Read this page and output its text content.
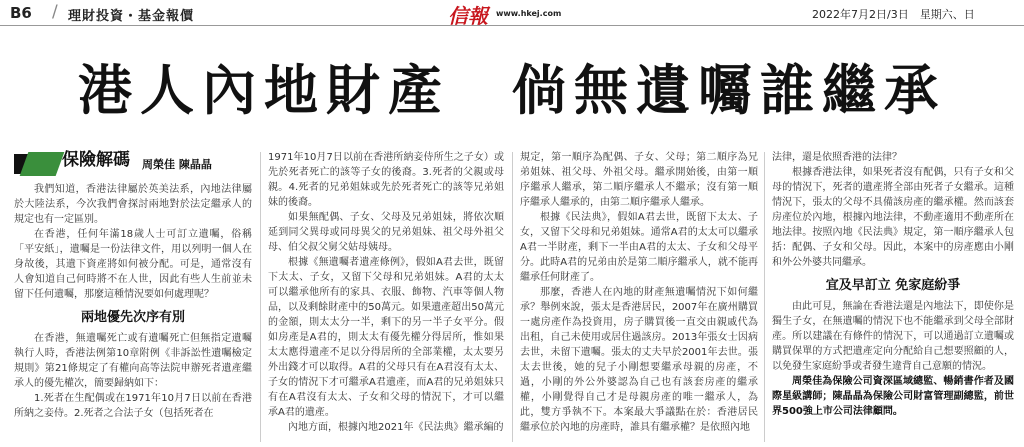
B6 / 理財投資・基金報價	信報 www.hkej.com	2022年7月2日/3日　星期六、日
港人內地財產　倘無遺囑誰繼承
保險解碼 周榮佳 陳晶晶

我們知道，香港法律屬於英美法系，內地法律屬於大陸法系，今次我們會探討兩地對於法定繼承人的規定也有一定區別。

在香港，任何年滿18歲人士可訂立遺囑，俗稱「平安紙」，遺囑是一份法律文件，用以列明一個人在身故後，其遺下資產將如何被分配。可是，通常沒有人會知道自己何時將不在人世，因此有些人生前並未留下任何遺囑，那麼這種情況要如何處理呢？

兩地優先次序有別

在香港，無遺囑死亡或有遺囑死亡但無指定遺囑執行人時，香港法例第10章附例《非訴訟性遺囑檢定規則》第21條規定了有權向高等法院申辦死者遺產繼承人的優先權次，簡要歸納如下：

1.死者在生配偶或在1971年10月7日以前在香港所納之妾侍。2.死者之合法子女（包括死者在

1971年10月7日以前在香港所納妾侍所生之子女）或先於死者死亡的該等子女的後裔。3.死者的父親或母親。4.死者的兄弟姐妹或先於死者死亡的該等兄弟姐妹的後裔。

如果無配偶、子女、父母及兄弟姐妹，將依次順延到同父異母或同母異父的兄弟姐妹、祖父母外祖父母、伯父叔父舅父姑母姨母。

根據《無遺囑者遺產條例》，假如A君去世，既留下太太、子女，又留下父母和兄弟姐妹。A君的太太可以繼承他所有的家具、衣服、飾物、汽車等個人物品，以及剩餘財產中的50萬元。如果遺產超出50萬元的金額，則太太分一半，剩下的另一半子女平分。假如房產是A君的，則太太有優先權分得居所，惟如果太太應得遺產不足以分得居所的全部業權，太太要另外出錢才可以取得。A君的父母只有在A君沒有太太、子女的情況下才可繼承A君遺產，而A君的兄弟姐妹只有在A君沒有太太、子女和父母的情況下，才可以繼承A君的遺產。

內地方面，根據內地2021年《民法典》繼承編的

規定，第一順序為配偶、子女、父母；第二順序為兄弟姐妹、祖父母、外祖父母。繼承開始後，由第一順序繼承人繼承，第二順序繼承人不繼承；沒有第一順序繼承人繼承的，由第二順序繼承人繼承。

根據《民法典》，假如A君去世，既留下太太、子女，又留下父母和兄弟姐妹。通常A君的太太可以繼承A君一半財產，剩下一半由A君的太太、子女和父母平分。此時A君的兄弟由於是第二順序繼承人，就不能再繼承任何財產了。

那麼，香港人在內地的財產無遺囑情況下如何繼承？舉例來說，張太是香港居民，2007年在廣州購買一處房產作為投資用，房子購買後一直交由親戚代為出租，自己未使用或居住過該房。2013年張女士因病去世，未留下遺囑。張太的丈夫早於2001年去世。張太去世後，她的兒子小剛想要繼承母親的房產，不過，小剛的外公外婆認為自己也有該套房產的繼承權，小剛覺得自己才是母親房產的唯一繼承人，為此，雙方爭執不下。本案最大爭議點在於：香港居民繼承位於內地的房產時，誰具有繼承權？是依照內地

法律，還是依照香港的法律？

根據香港法律，如果死者沒有配偶，只有子女和父母的情況下，死者的遺產將全部由死者子女繼承。這種情況下，張太的父母不具備該房產的繼承權。然而該套房產位於內地，根據內地法律，不動產適用不動產所在地法律。按照內地《民法典》規定，第一順序繼承人包括：配偶、子女和父母。因此，本案中的房產應由小剛和外公外婆共同繼承。

宜及早訂立 免家庭紛爭

由此可見，無論在香港法還是內地法下，即使你是獨生子女，在無遺囑的情況下也不能繼承到父母全部財產。所以建議在有條件的情況下，可以通過訂立遺囑或購買保單的方式把遺產定向分配給自己想要照顧的人，以免發生家庭紛爭或者發生違背自己意願的情況。

周榮佳為保險公司資深區域總監、暢銷書作者及國際星級講師；陳晶晶為保險公司財富管理副總監，前世界500強上市公司法律顧問。
